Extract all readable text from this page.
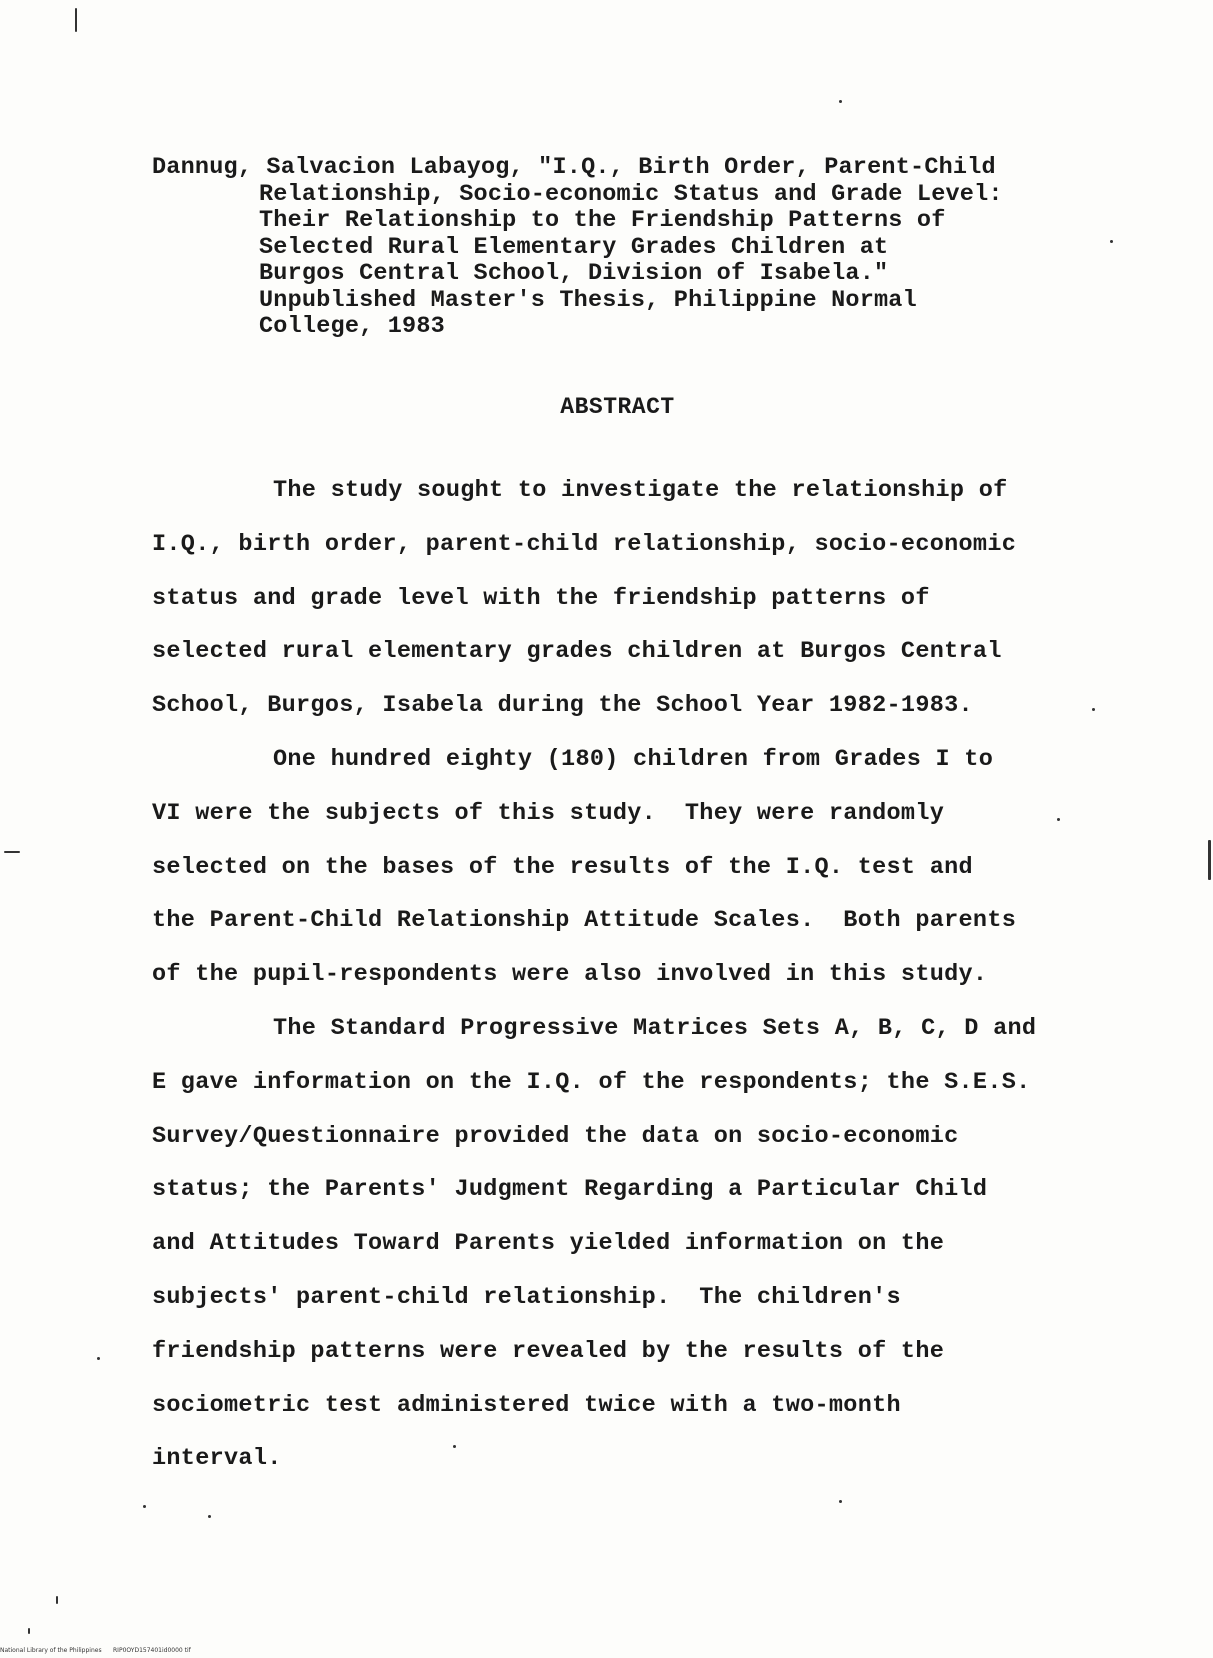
Dannug, Salvacion Labayog, "I.Q., Birth Order, Parent-Child
Relationship, Socio-economic Status and Grade Level:
Their Relationship to the Friendship Patterns of
Selected Rural Elementary Grades Children at
Burgos Central School, Division of Isabela."
Unpublished Master's Thesis, Philippine Normal
College, 1983
ABSTRACT
The study sought to investigate the relationship of
I.Q., birth order, parent-child relationship, socio-economic
status and grade level with the friendship patterns of
selected rural elementary grades children at Burgos Central
School, Burgos, Isabela during the School Year 1982-1983.
One hundred eighty (180) children from Grades I to
VI were the subjects of this study.  They were randomly
selected on the bases of the results of the I.Q. test and
the Parent-Child Relationship Attitude Scales.  Both parents
of the pupil-respondents were also involved in this study.
The Standard Progressive Matrices Sets A, B, C, D and
E gave information on the I.Q. of the respondents; the S.E.S.
Survey/Questionnaire provided the data on socio-economic
status; the Parents' Judgment Regarding a Particular Child
and Attitudes Toward Parents yielded information on the
subjects' parent-child relationship.  The children's
friendship patterns were revealed by the results of the
sociometric test administered twice with a two-month
interval.
National Library of the Philippines      RIP0OYD157401id0000 tif
